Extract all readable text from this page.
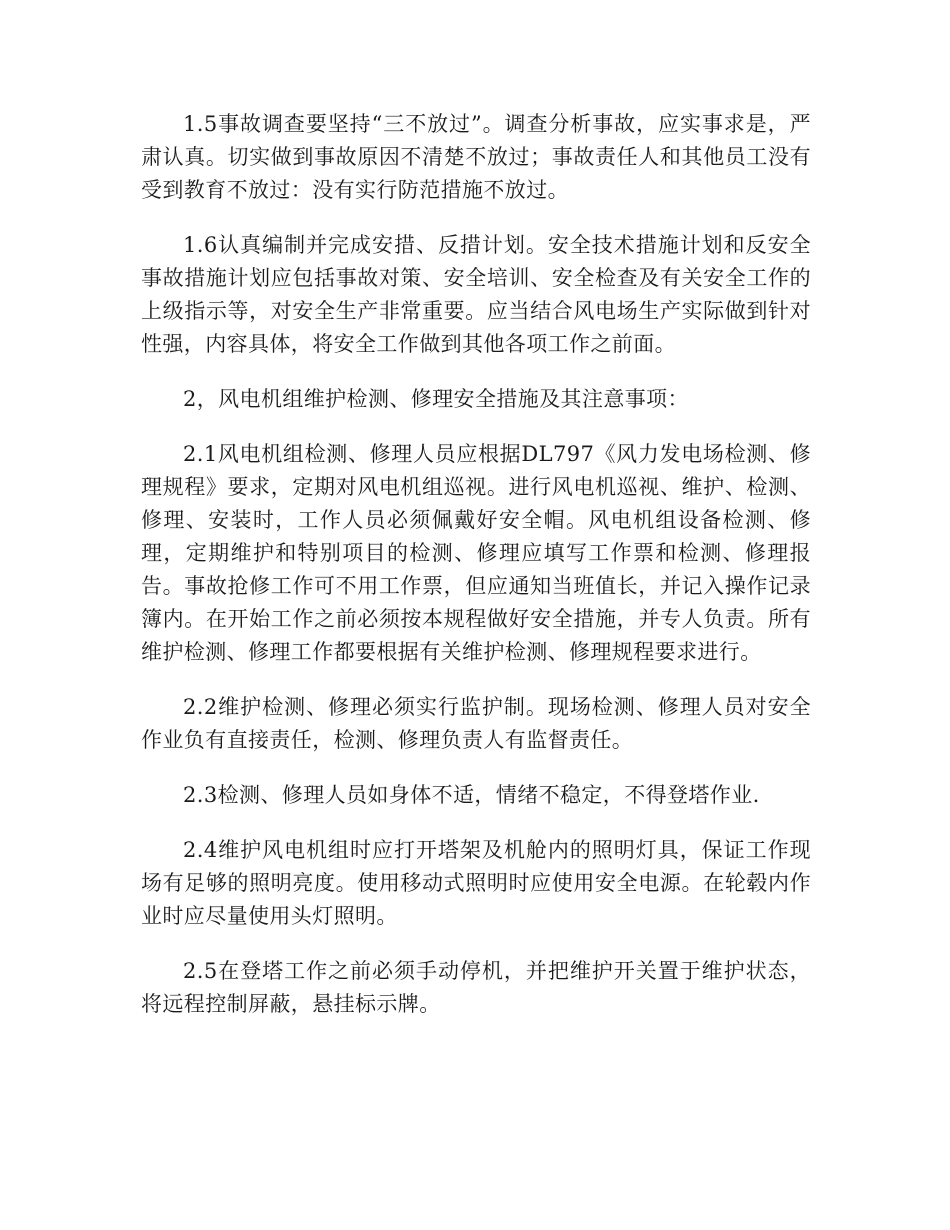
1.5事故调查要坚持“三不放过”。调查分析事故，应实事求是，严肃认真。切实做到事故原因不清楚不放过；事故责任人和其他员工没有受到教育不放过：没有实行防范措施不放过。

1.6认真编制并完成安措、反措计划。安全技术措施计划和反安全事故措施计划应包括事故对策、安全培训、安全检查及有关安全工作的上级指示等，对安全生产非常重要。应当结合风电场生产实际做到针对性强，内容具体，将安全工作做到其他各项工作之前面。

2，风电机组维护检测、修理安全措施及其注意事项：

2.1风电机组检测、修理人员应根据DL797《风力发电场检测、修理规程》要求，定期对风电机组巡视。进行风电机巡视、维护、检测、修理、安装时，工作人员必须佩戴好安全帽。风电机组设备检测、修理，定期维护和特别项目的检测、修理应填写工作票和检测、修理报告。事故抢修工作可不用工作票，但应通知当班值长，并记入操作记录簿内。在开始工作之前必须按本规程做好安全措施，并专人负责。所有维护检测、修理工作都要根据有关维护检测、修理规程要求进行。

2.2维护检测、修理必须实行监护制。现场检测、修理人员对安全作业负有直接责任，检测、修理负责人有监督责任。

2.3检测、修理人员如身体不适，情绪不稳定，不得登塔作业.

2.4维护风电机组时应打开塔架及机舱内的照明灯具，保证工作现场有足够的照明亮度。使用移动式照明时应使用安全电源。在轮毂内作业时应尽量使用头灯照明。

2.5在登塔工作之前必须手动停机，并把维护开关置于维护状态，将远程控制屏蔽，悬挂标示牌。
